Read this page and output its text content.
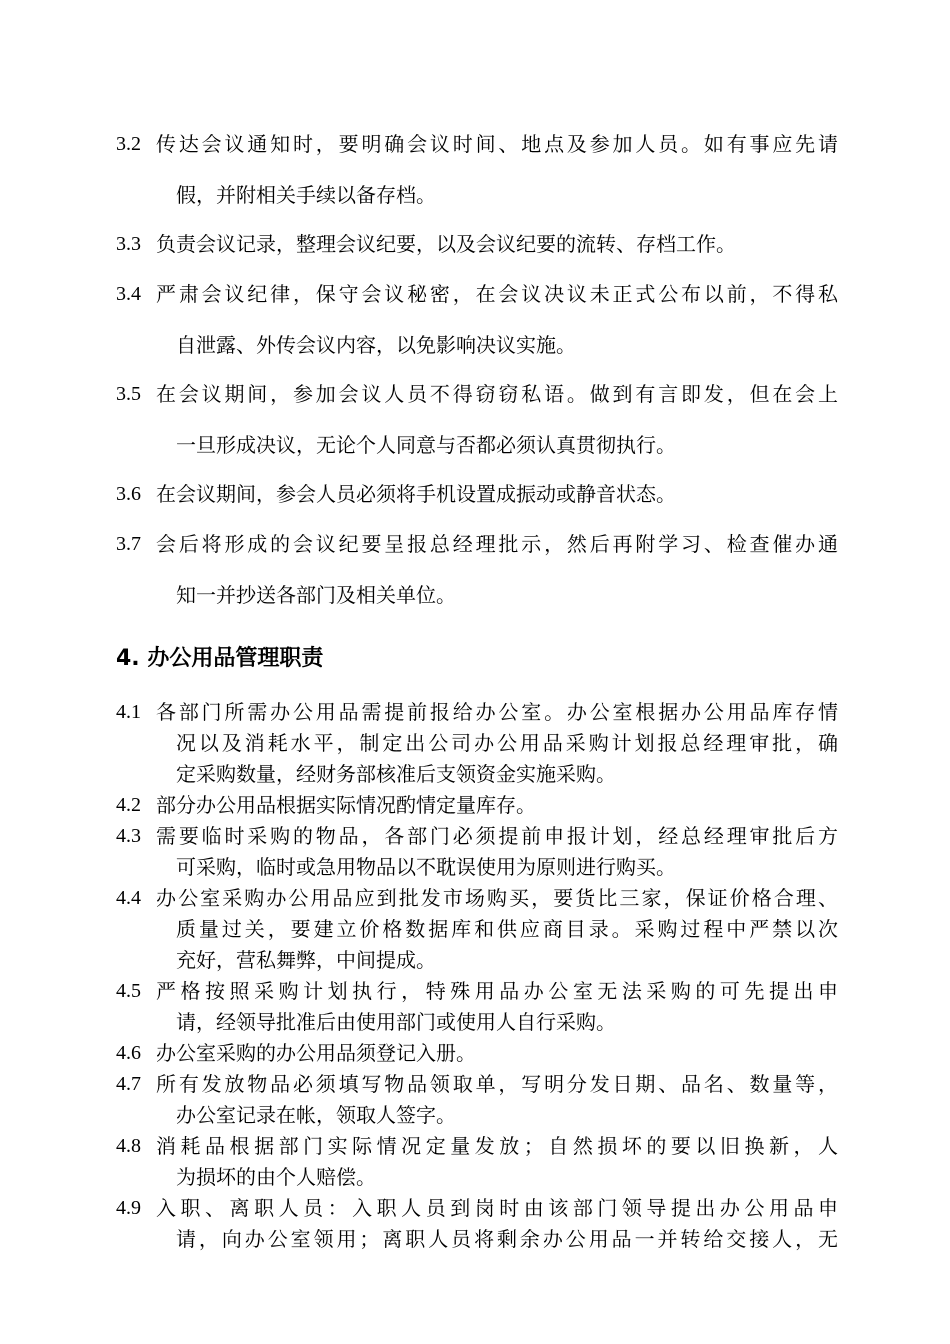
3.2 传达会议通知时，要明确会议时间、地点及参加人员。如有事应先请
假，并附相关手续以备存档。
3.3 负责会议记录，整理会议纪要，以及会议纪要的流转、存档工作。
3.4 严肃会议纪律，保守会议秘密，在会议决议未正式公布以前，不得私
自泄露、外传会议内容，以免影响决议实施。
3.5 在会议期间，参加会议人员不得窃窃私语。做到有言即发，但在会上
一旦形成决议，无论个人同意与否都必须认真贯彻执行。
3.6 在会议期间，参会人员必须将手机设置成振动或静音状态。
3.7 会后将形成的会议纪要呈报总经理批示，然后再附学习、检查催办通
知一并抄送各部门及相关单位。
4. 办公用品管理职责
4.1 各部门所需办公用品需提前报给办公室。办公室根据办公用品库存情
况以及消耗水平，制定出公司办公用品采购计划报总经理审批，确
定采购数量，经财务部核准后支领资金实施采购。
4.2 部分办公用品根据实际情况酌情定量库存。
4.3 需要临时采购的物品，各部门必须提前申报计划，经总经理审批后方
可采购，临时或急用物品以不耽误使用为原则进行购买。
4.4 办公室采购办公用品应到批发市场购买，要货比三家，保证价格合理、
质量过关，要建立价格数据库和供应商目录。采购过程中严禁以次
充好，营私舞弊，中间提成。
4.5 严格按照采购计划执行，特殊用品办公室无法采购的可先提出申
请，经领导批准后由使用部门或使用人自行采购。
4.6 办公室采购的办公用品须登记入册。
4.7 所有发放物品必须填写物品领取单，写明分发日期、品名、数量等，
办公室记录在帐，领取人签字。
4.8 消耗品根据部门实际情况定量发放；自然损坏的要以旧换新，人
为损坏的由个人赔偿。
4.9 入职、离职人员：入职人员到岗时由该部门领导提出办公用品申
请，向办公室领用；离职人员将剩余办公用品一并转给交接人，无
